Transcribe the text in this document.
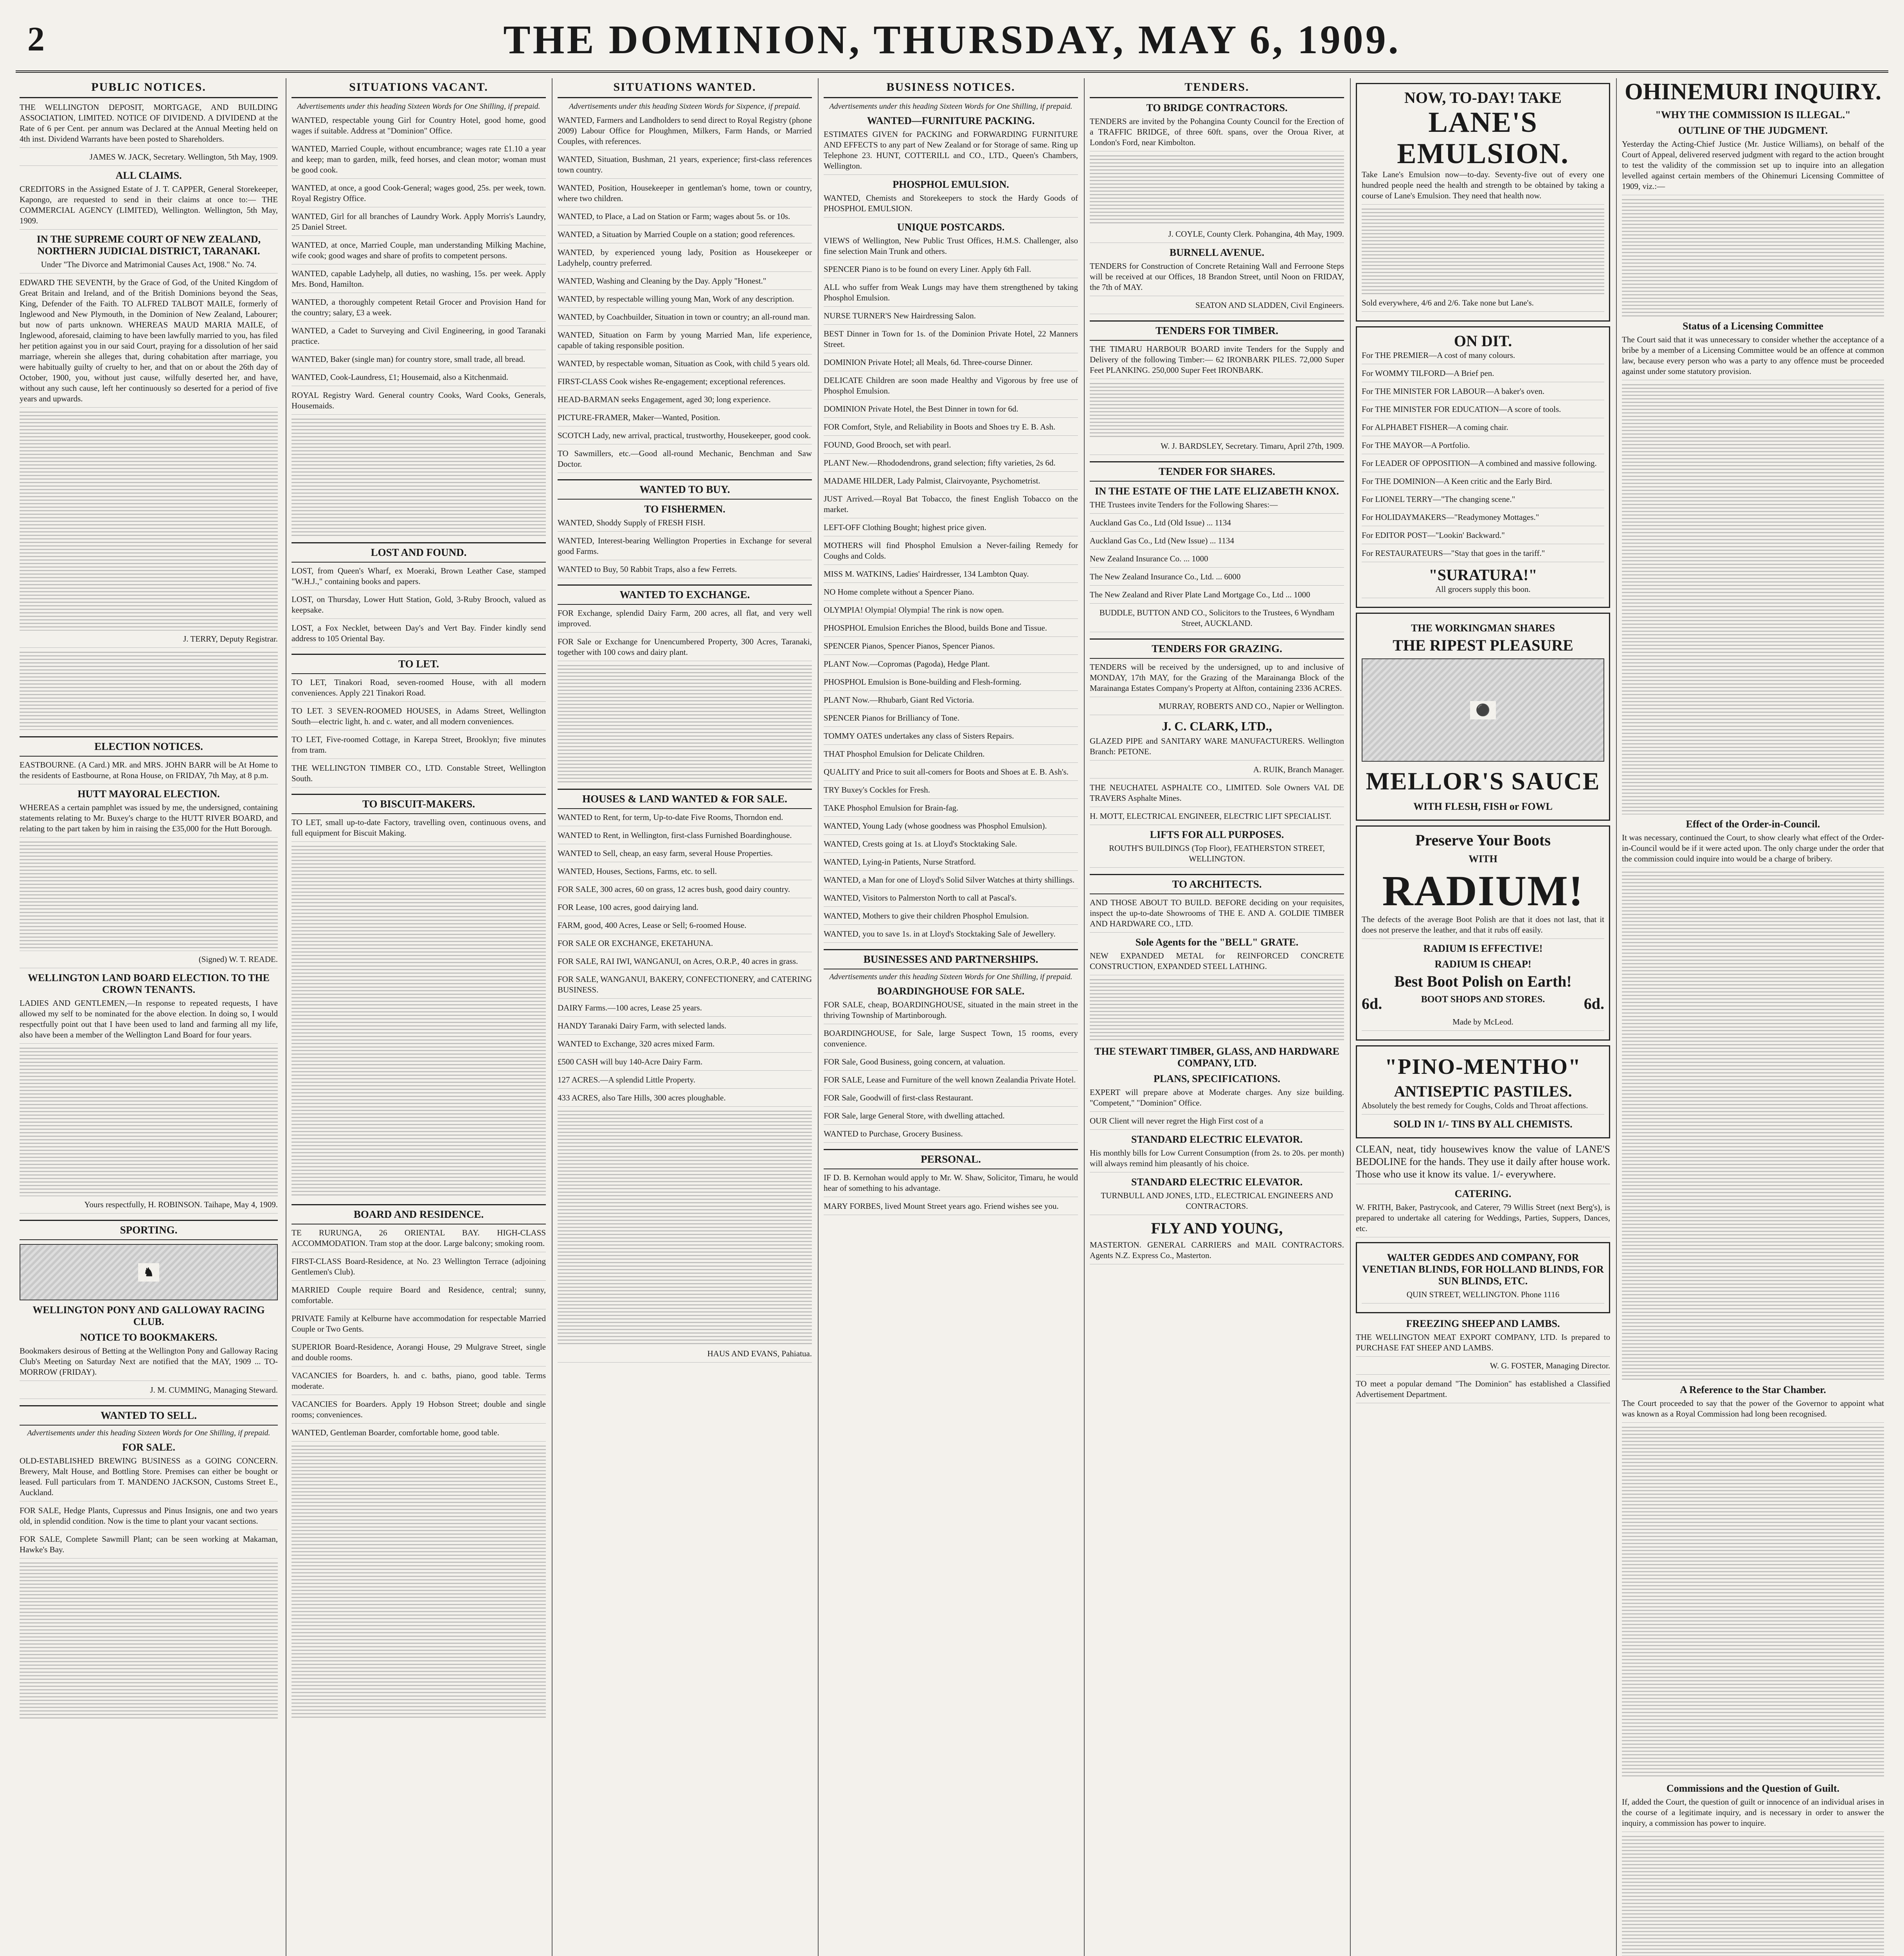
2	THE DOMINION, THURSDAY, MAY 6, 1909.
PUBLIC NOTICES.
THE WELLINGTON DEPOSIT, MORTGAGE, AND BUILDING ASSOCIATION, LIMITED. NOTICE OF DIVIDEND. A DIVIDEND at the Rate of 6 per Cent. per annum was Declared at the Annual Meeting held on 4th inst. Dividend Warrants have been posted to Shareholders.
JAMES W. JACK, Secretary. Wellington, 5th May, 1909.
ALL CLAIMS.
CREDITORS in the Assigned Estate of J. T. CAPPER, General Storekeeper, Kapongo, are requested to send in their claims at once to:— THE COMMERCIAL AGENCY (LIMITED), Wellington. Wellington, 5th May, 1909.
IN THE SUPREME COURT OF NEW ZEALAND, NORTHERN JUDICIAL DISTRICT, TARANAKI.
Under "The Divorce and Matrimonial Causes Act, 1908." No. 74.
EDWARD THE SEVENTH, by the Grace of God, of the United Kingdom of Great Britain and Ireland, and of the British Dominions beyond the Seas, King, Defender of the Faith. TO ALFRED TALBOT MAILE, formerly of Inglewood and New Plymouth, in the Dominion of New Zealand, Labourer; but now of parts unknown. WHEREAS MAUD MARIA MAILE, of Inglewood, aforesaid, claiming to have been lawfully married to you, has filed her petition against you in our said Court, praying for a dissolution of her said marriage, wherein she alleges that, during cohabitation after marriage, you were habitually guilty of cruelty to her, and that on or about the 26th day of October, 1900, you, without just cause, wilfully deserted her, and have, without any such cause, left her continuously so deserted for a period of five years and upwards.
J. TERRY, Deputy Registrar.
ELECTION NOTICES.
EASTBOURNE. (A Card.) MR. and MRS. JOHN BARR will be At Home to the residents of Eastbourne, at Rona House, on FRIDAY, 7th May, at 8 p.m.
HUTT MAYORAL ELECTION.
WHEREAS a certain pamphlet was issued by me, the undersigned, containing statements relating to Mr. Buxey's charge to the HUTT RIVER BOARD, and relating to the part taken by him in raising the £35,000 for the Hutt Borough.
(Signed) W. T. READE.
WELLINGTON LAND BOARD ELECTION. TO THE CROWN TENANTS.
LADIES AND GENTLEMEN,—In response to repeated requests, I have allowed my self to be nominated for the above election. In doing so, I would respectfully point out that I have been used to land and farming all my life, also have been a member of the Wellington Land Board for four years.
Yours respectfully, H. ROBINSON. Taihape, May 4, 1909.
SPORTING.
♞
WELLINGTON PONY AND GALLOWAY RACING CLUB.
NOTICE TO BOOKMAKERS.
Bookmakers desirous of Betting at the Wellington Pony and Galloway Racing Club's Meeting on Saturday Next are notified that the MAY, 1909 ... TO-MORROW (FRIDAY).
J. M. CUMMING, Managing Steward.
WANTED TO SELL.
Advertisements under this heading Sixteen Words for One Shilling, if prepaid.
FOR SALE.
OLD-ESTABLISHED BREWING BUSINESS as a GOING CONCERN. Brewery, Malt House, and Bottling Store. Premises can either be bought or leased. Full particulars from T. MANDENO JACKSON, Customs Street E., Auckland.
FOR SALE, Hedge Plants, Cupressus and Pinus Insignis, one and two years old, in splendid condition. Now is the time to plant your vacant sections.
FOR SALE, Complete Sawmill Plant; can be seen working at Makaman, Hawke's Bay.
SITUATIONS VACANT.
Advertisements under this heading Sixteen Words for One Shilling, if prepaid.
WANTED, respectable young Girl for Country Hotel, good home, good wages if suitable. Address at "Dominion" Office.
WANTED, Married Couple, without encumbrance; wages rate £1.10 a year and keep; man to garden, milk, feed horses, and clean motor; woman must be good cook.
WANTED, at once, a good Cook-General; wages good, 25s. per week, town. Royal Registry Office.
WANTED, Girl for all branches of Laundry Work. Apply Morris's Laundry, 25 Daniel Street.
WANTED, at once, Married Couple, man understanding Milking Machine, wife cook; good wages and share of profits to competent persons.
WANTED, capable Ladyhelp, all duties, no washing, 15s. per week. Apply Mrs. Bond, Hamilton.
WANTED, a thoroughly competent Retail Grocer and Provision Hand for the country; salary, £3 a week.
WANTED, a Cadet to Surveying and Civil Engineering, in good Taranaki practice.
WANTED, Baker (single man) for country store, small trade, all bread.
WANTED, Cook-Laundress, £1; Housemaid, also a Kitchenmaid.
ROYAL Registry Ward. General country Cooks, Ward Cooks, Generals, Housemaids.
LOST AND FOUND.
LOST, from Queen's Wharf, ex Moeraki, Brown Leather Case, stamped "W.H.J.," containing books and papers.
LOST, on Thursday, Lower Hutt Station, Gold, 3-Ruby Brooch, valued as keepsake.
LOST, a Fox Necklet, between Day's and Vert Bay. Finder kindly send address to 105 Oriental Bay.
TO LET.
TO LET, Tinakori Road, seven-roomed House, with all modern conveniences. Apply 221 Tinakori Road.
TO LET. 3 SEVEN-ROOMED HOUSES, in Adams Street, Wellington South—electric light, h. and c. water, and all modern conveniences.
TO LET, Five-roomed Cottage, in Karepa Street, Brooklyn; five minutes from tram.
THE WELLINGTON TIMBER CO., LTD. Constable Street, Wellington South.
TO BISCUIT-MAKERS.
TO LET, small up-to-date Factory, travelling oven, continuous ovens, and full equipment for Biscuit Making.
BOARD AND RESIDENCE.
TE RURUNGA, 26 ORIENTAL BAY. HIGH-CLASS ACCOMMODATION. Tram stop at the door. Large balcony; smoking room.
FIRST-CLASS Board-Residence, at No. 23 Wellington Terrace (adjoining Gentlemen's Club).
MARRIED Couple require Board and Residence, central; sunny, comfortable.
PRIVATE Family at Kelburne have accommodation for respectable Married Couple or Two Gents.
SUPERIOR Board-Residence, Aorangi House, 29 Mulgrave Street, single and double rooms.
VACANCIES for Boarders, h. and c. baths, piano, good table. Terms moderate.
VACANCIES for Boarders. Apply 19 Hobson Street; double and single rooms; conveniences.
WANTED, Gentleman Boarder, comfortable home, good table.
SITUATIONS WANTED.
Advertisements under this heading Sixteen Words for Sixpence, if prepaid.
WANTED, Farmers and Landholders to send direct to Royal Registry (phone 2009) Labour Office for Ploughmen, Milkers, Farm Hands, or Married Couples, with references.
WANTED, Situation, Bushman, 21 years, experience; first-class references town country.
WANTED, Position, Housekeeper in gentleman's home, town or country, where two children.
WANTED, to Place, a Lad on Station or Farm; wages about 5s. or 10s.
WANTED, a Situation by Married Couple on a station; good references.
WANTED, by experienced young lady, Position as Housekeeper or Ladyhelp, country preferred.
WANTED, Washing and Cleaning by the Day. Apply "Honest."
WANTED, by respectable willing young Man, Work of any description.
WANTED, by Coachbuilder, Situation in town or country; an all-round man.
WANTED, Situation on Farm by young Married Man, life experience, capable of taking responsible position.
WANTED, by respectable woman, Situation as Cook, with child 5 years old.
FIRST-CLASS Cook wishes Re-engagement; exceptional references.
HEAD-BARMAN seeks Engagement, aged 30; long experience.
PICTURE-FRAMER, Maker—Wanted, Position.
SCOTCH Lady, new arrival, practical, trustworthy, Housekeeper, good cook.
TO Sawmillers, etc.—Good all-round Mechanic, Benchman and Saw Doctor.
WANTED TO BUY.
TO FISHERMEN.
WANTED, Shoddy Supply of FRESH FISH.
WANTED, Interest-bearing Wellington Properties in Exchange for several good Farms.
WANTED to Buy, 50 Rabbit Traps, also a few Ferrets.
WANTED TO EXCHANGE.
FOR Exchange, splendid Dairy Farm, 200 acres, all flat, and very well improved.
FOR Sale or Exchange for Unencumbered Property, 300 Acres, Taranaki, together with 100 cows and dairy plant.
HOUSES & LAND WANTED & FOR SALE.
WANTED to Rent, for term, Up-to-date Five Rooms, Thorndon end.
WANTED to Rent, in Wellington, first-class Furnished Boardinghouse.
WANTED to Sell, cheap, an easy farm, several House Properties.
WANTED, Houses, Sections, Farms, etc. to sell.
FOR SALE, 300 acres, 60 on grass, 12 acres bush, good dairy country.
FOR Lease, 100 acres, good dairying land.
FARM, good, 400 Acres, Lease or Sell; 6-roomed House.
FOR SALE OR EXCHANGE, EKETAHUNA.
FOR SALE, RAI IWI, WANGANUI, on Acres, O.R.P., 40 acres in grass.
FOR SALE, WANGANUI, BAKERY, CONFECTIONERY, and CATERING BUSINESS.
DAIRY Farms.—100 acres, Lease 25 years.
HANDY Taranaki Dairy Farm, with selected lands.
WANTED to Exchange, 320 acres mixed Farm.
£500 CASH will buy 140-Acre Dairy Farm.
127 ACRES.—A splendid Little Property.
433 ACRES, also Tare Hills, 300 acres ploughable.
HAUS AND EVANS, Pahiatua.
BUSINESS NOTICES.
Advertisements under this heading Sixteen Words for One Shilling, if prepaid.
WANTED—FURNITURE PACKING.
ESTIMATES GIVEN for PACKING and FORWARDING FURNITURE AND EFFECTS to any part of New Zealand or for Storage of same. Ring up Telephone 23. HUNT, COTTERILL and CO., LTD., Queen's Chambers, Wellington.
PHOSPHOL EMULSION.
WANTED, Chemists and Storekeepers to stock the Hardy Goods of PHOSPHOL EMULSION.
UNIQUE POSTCARDS.
VIEWS of Wellington, New Public Trust Offices, H.M.S. Challenger, also fine selection Main Trunk and others.
SPENCER Piano is to be found on every Liner. Apply 6th Fall.
ALL who suffer from Weak Lungs may have them strengthened by taking Phosphol Emulsion.
NURSE TURNER'S New Hairdressing Salon.
BEST Dinner in Town for 1s. of the Dominion Private Hotel, 22 Manners Street.
DOMINION Private Hotel; all Meals, 6d. Three-course Dinner.
DELICATE Children are soon made Healthy and Vigorous by free use of Phosphol Emulsion.
DOMINION Private Hotel, the Best Dinner in town for 6d.
FOR Comfort, Style, and Reliability in Boots and Shoes try E. B. Ash.
FOUND, Good Brooch, set with pearl.
PLANT New.—Rhododendrons, grand selection; fifty varieties, 2s 6d.
MADAME HILDER, Lady Palmist, Clairvoyante, Psychometrist.
JUST Arrived.—Royal Bat Tobacco, the finest English Tobacco on the market.
LEFT-OFF Clothing Bought; highest price given.
MOTHERS will find Phosphol Emulsion a Never-failing Remedy for Coughs and Colds.
MISS M. WATKINS, Ladies' Hairdresser, 134 Lambton Quay.
NO Home complete without a Spencer Piano.
OLYMPIA! Olympia! Olympia! The rink is now open.
PHOSPHOL Emulsion Enriches the Blood, builds Bone and Tissue.
SPENCER Pianos, Spencer Pianos, Spencer Pianos.
PLANT Now.—Copromas (Pagoda), Hedge Plant.
PHOSPHOL Emulsion is Bone-building and Flesh-forming.
PLANT Now.—Rhubarb, Giant Red Victoria.
SPENCER Pianos for Brilliancy of Tone.
TOMMY OATES undertakes any class of Sisters Repairs.
THAT Phosphol Emulsion for Delicate Children.
QUALITY and Price to suit all-comers for Boots and Shoes at E. B. Ash's.
TRY Buxey's Cockles for Fresh.
TAKE Phosphol Emulsion for Brain-fag.
WANTED, Young Lady (whose goodness was Phosphol Emulsion).
WANTED, Crests going at 1s. at Lloyd's Stocktaking Sale.
WANTED, Lying-in Patients, Nurse Stratford.
WANTED, a Man for one of Lloyd's Solid Silver Watches at thirty shillings.
WANTED, Visitors to Palmerston North to call at Pascal's.
WANTED, Mothers to give their children Phosphol Emulsion.
WANTED, you to save 1s. in at Lloyd's Stocktaking Sale of Jewellery.
BUSINESSES AND PARTNERSHIPS.
Advertisements under this heading Sixteen Words for One Shilling, if prepaid.
BOARDINGHOUSE FOR SALE.
FOR SALE, cheap, BOARDINGHOUSE, situated in the main street in the thriving Township of Martinborough.
BOARDINGHOUSE, for Sale, large Suspect Town, 15 rooms, every convenience.
FOR Sale, Good Business, going concern, at valuation.
FOR SALE, Lease and Furniture of the well known Zealandia Private Hotel.
FOR Sale, Goodwill of first-class Restaurant.
FOR Sale, large General Store, with dwelling attached.
WANTED to Purchase, Grocery Business.
PERSONAL.
IF D. B. Kernohan would apply to Mr. W. Shaw, Solicitor, Timaru, he would hear of something to his advantage.
MARY FORBES, lived Mount Street years ago. Friend wishes see you.
TENDERS.
TO BRIDGE CONTRACTORS.
TENDERS are invited by the Pohangina County Council for the Erection of a TRAFFIC BRIDGE, of three 60ft. spans, over the Oroua River, at London's Ford, near Kimbolton.
J. COYLE, County Clerk. Pohangina, 4th May, 1909.
BURNELL AVENUE.
TENDERS for Construction of Concrete Retaining Wall and Ferroone Steps will be received at our Offices, 18 Brandon Street, until Noon on FRIDAY, the 7th of MAY.
SEATON AND SLADDEN, Civil Engineers.
TENDERS FOR TIMBER.
THE TIMARU HARBOUR BOARD invite Tenders for the Supply and Delivery of the following Timber:— 62 IRONBARK PILES. 72,000 Super Feet PLANKING. 250,000 Super Feet IRONBARK.
W. J. BARDSLEY, Secretary. Timaru, April 27th, 1909.
TENDER FOR SHARES.
IN THE ESTATE OF THE LATE ELIZABETH KNOX.
THE Trustees invite Tenders for the Following Shares:—
Auckland Gas Co., Ltd (Old Issue) ... 1134
Auckland Gas Co., Ltd (New Issue) ... 1134
New Zealand Insurance Co. ... 1000
The New Zealand Insurance Co., Ltd. ... 6000
The New Zealand and River Plate Land Mortgage Co., Ltd ... 1000
BUDDLE, BUTTON AND CO., Solicitors to the Trustees, 6 Wyndham Street, AUCKLAND.
TENDERS FOR GRAZING.
TENDERS will be received by the undersigned, up to and inclusive of MONDAY, 17th MAY, for the Grazing of the Marainanga Block of the Marainanga Estates Company's Property at Alfton, containing 2336 ACRES.
MURRAY, ROBERTS AND CO., Napier or Wellington.
J. C. CLARK, LTD.,
GLAZED PIPE and SANITARY WARE MANUFACTURERS. Wellington Branch: PETONE.
A. RUIK, Branch Manager.
THE NEUCHATEL ASPHALTE CO., LIMITED. Sole Owners VAL DE TRAVERS Asphalte Mines.
H. MOTT, ELECTRICAL ENGINEER, ELECTRIC LIFT SPECIALIST.
LIFTS FOR ALL PURPOSES.
ROUTH'S BUILDINGS (Top Floor), FEATHERSTON STREET, WELLINGTON.
TO ARCHITECTS.
AND THOSE ABOUT TO BUILD. BEFORE deciding on your requisites, inspect the up-to-date Showrooms of THE E. AND A. GOLDIE TIMBER AND HARDWARE CO., LTD.
Sole Agents for the "BELL" GRATE.
NEW EXPANDED METAL for REINFORCED CONCRETE CONSTRUCTION, EXPANDED STEEL LATHING.
THE STEWART TIMBER, GLASS, AND HARDWARE COMPANY, LTD.
PLANS, SPECIFICATIONS.
EXPERT will prepare above at Moderate charges. Any size building. "Competent," "Dominion" Office.
OUR Client will never regret the High First cost of a
STANDARD ELECTRIC ELEVATOR.
His monthly bills for Low Current Consumption (from 2s. to 20s. per month) will always remind him pleasantly of his choice.
STANDARD ELECTRIC ELEVATOR.
TURNBULL AND JONES, LTD., ELECTRICAL ENGINEERS AND CONTRACTORS.
FLY AND YOUNG,
MASTERTON. GENERAL CARRIERS and MAIL CONTRACTORS. Agents N.Z. Express Co., Masterton.
NOW, TO-DAY! TAKE
LANE'S EMULSION.
Take Lane's Emulsion now—to-day. Seventy-five out of every one hundred people need the health and strength to be obtained by taking a course of Lane's Emulsion. They need that health now.
Sold everywhere, 4/6 and 2/6. Take none but Lane's.
ON DIT.
For THE PREMIER—A cost of many colours.
For WOMMY TILFORD—A Brief pen.
For THE MINISTER FOR LABOUR—A baker's oven.
For THE MINISTER FOR EDUCATION—A score of tools.
For ALPHABET FISHER—A coming chair.
For THE MAYOR—A Portfolio.
For LEADER OF OPPOSITION—A combined and massive following.
For THE DOMINION—A Keen critic and the Early Bird.
For LIONEL TERRY—"The changing scene."
For HOLIDAYMAKERS—"Readymoney Mottages."
For EDITOR POST—"Lookin' Backward."
For RESTAURATEURS—"Stay that goes in the tariff."
"SURATURA!"
All grocers supply this boon.
THE WORKINGMAN SHARES
THE RIPEST PLEASURE
⚫
MELLOR'S SAUCE
WITH FLESH, FISH or FOWL
Preserve Your Boots
WITH
RADIUM!
The defects of the average Boot Polish are that it does not last, that it does not preserve the leather, and that it rubs off easily.
RADIUM IS EFFECTIVE!
RADIUM IS CHEAP!
Best Boot Polish on Earth!
6d.	BOOT SHOPS AND STORES. 6d.
Made by McLeod.
"PINO-MENTHO"
ANTISEPTIC PASTILES.
Absolutely the best remedy for Coughs, Colds and Throat affections.
SOLD IN 1/- TINS BY ALL CHEMISTS.
CLEAN, neat, tidy housewives know the value of LANE'S BEDOLINE for the hands. They use it daily after house work. Those who use it know its value. 1/- everywhere.
CATERING.
W. FRITH, Baker, Pastrycook, and Caterer, 79 Willis Street (next Berg's), is prepared to undertake all catering for Weddings, Parties, Suppers, Dances, etc.
WALTER GEDDES AND COMPANY, FOR VENETIAN BLINDS, FOR HOLLAND BLINDS, FOR SUN BLINDS, ETC.
QUIN STREET, WELLINGTON. Phone 1116
FREEZING SHEEP AND LAMBS.
THE WELLINGTON MEAT EXPORT COMPANY, LTD. Is prepared to PURCHASE FAT SHEEP AND LAMBS.
W. G. FOSTER, Managing Director.
TO meet a popular demand "The Dominion" has established a Classified Advertisement Department.
OHINEMURI INQUIRY.
"WHY THE COMMISSION IS ILLEGAL."
OUTLINE OF THE JUDGMENT.
Yesterday the Acting-Chief Justice (Mr. Justice Williams), on behalf of the Court of Appeal, delivered reserved judgment with regard to the action brought to test the validity of the commission set up to inquire into an allegation levelled against certain members of the Ohinemuri Licensing Committee of 1909, viz.:—
Status of a Licensing Committee
The Court said that it was unnecessary to consider whether the acceptance of a bribe by a member of a Licensing Committee would be an offence at common law, because every person who was a party to any offence must be proceeded against under some statutory provision.
Effect of the Order-in-Council.
It was necessary, continued the Court, to show clearly what effect of the Order-in-Council would be if it were acted upon. The only charge under the order that the commission could inquire into would be a charge of bribery.
A Reference to the Star Chamber.
The Court proceeded to say that the power of the Governor to appoint what was known as a Royal Commission had long been recognised.
Commissions and the Question of Guilt.
If, added the Court, the question of guilt or innocence of an individual arises in the course of a legitimate inquiry, and is necessary in order to answer the inquiry, a commission has power to inquire.
